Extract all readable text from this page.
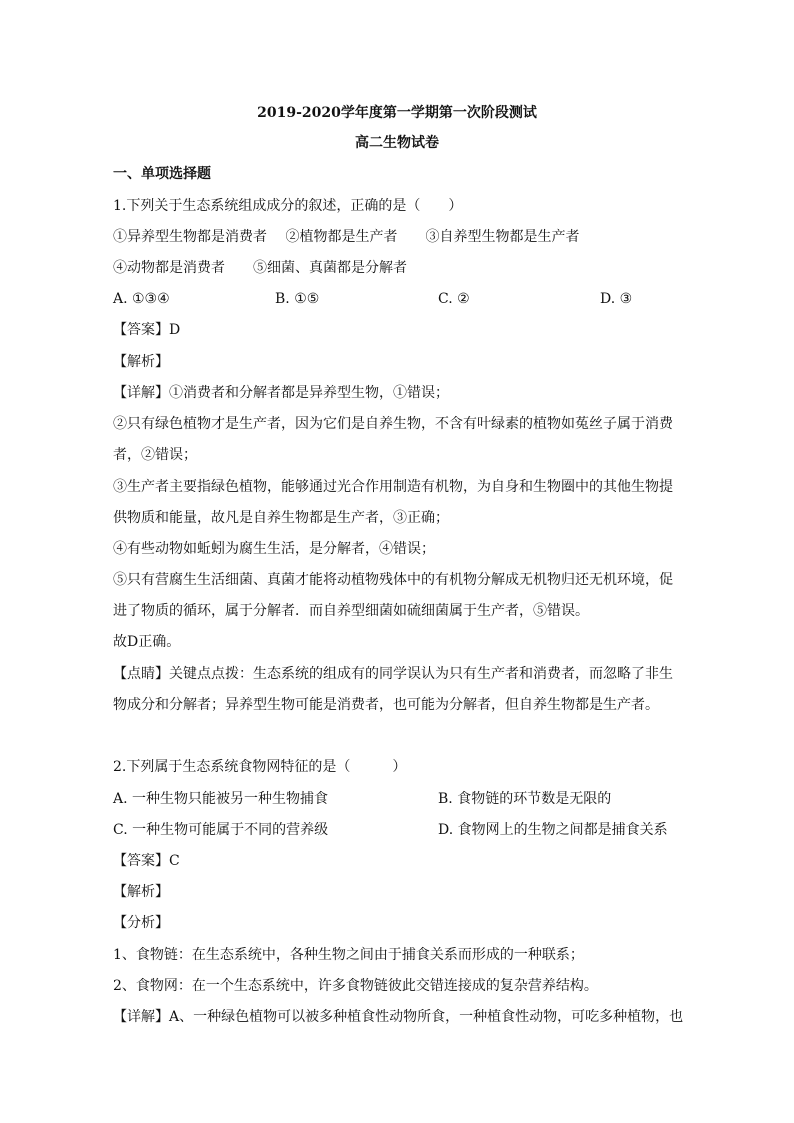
2019-2020学年度第一学期第一次阶段测试
高二生物试卷
一、单项选择题
1.下列关于生态系统组成成分的叙述，正确的是（　　）
①异养型生物都是消费者　 ②植物都是生产者　　③自养型生物都是生产者
④动物都是消费者　　⑤细菌、真菌都是分解者
A. ①③④	B. ①⑤	C. ②	D. ③
【答案】D
【解析】
【详解】①消费者和分解者都是异养型生物，①错误；
②只有绿色植物才是生产者，因为它们是自养生物，不含有叶绿素的植物如菟丝子属于消费
者，②错误；
③生产者主要指绿色植物，能够通过光合作用制造有机物，为自身和生物圈中的其他生物提
供物质和能量，故凡是自养生物都是生产者，③正确；
④有些动物如蚯蚓为腐生生活，是分解者，④错误；
⑤只有营腐生生活细菌、真菌才能将动植物残体中的有机物分解成无机物归还无机环境，促
进了物质的循环，属于分解者．而自养型细菌如硫细菌属于生产者，⑤错误。
故D正确。
【点睛】关键点点拨：生态系统的组成有的同学误认为只有生产者和消费者，而忽略了非生
物成分和分解者；异养型生物可能是消费者，也可能为分解者，但自养生物都是生产者。
2.下列属于生态系统食物网特征的是（　　　）
A. 一种生物只能被另一种生物捕食	B. 食物链的环节数是无限的
C. 一种生物可能属于不同的营养级	D. 食物网上的生物之间都是捕食关系
【答案】C
【解析】
【分析】
1、食物链：在生态系统中，各种生物之间由于捕食关系而形成的一种联系；
2、食物网：在一个生态系统中，许多食物链彼此交错连接成的复杂营养结构。
【详解】A、一种绿色植物可以被多种植食性动物所食，一种植食性动物，可吃多种植物，也
